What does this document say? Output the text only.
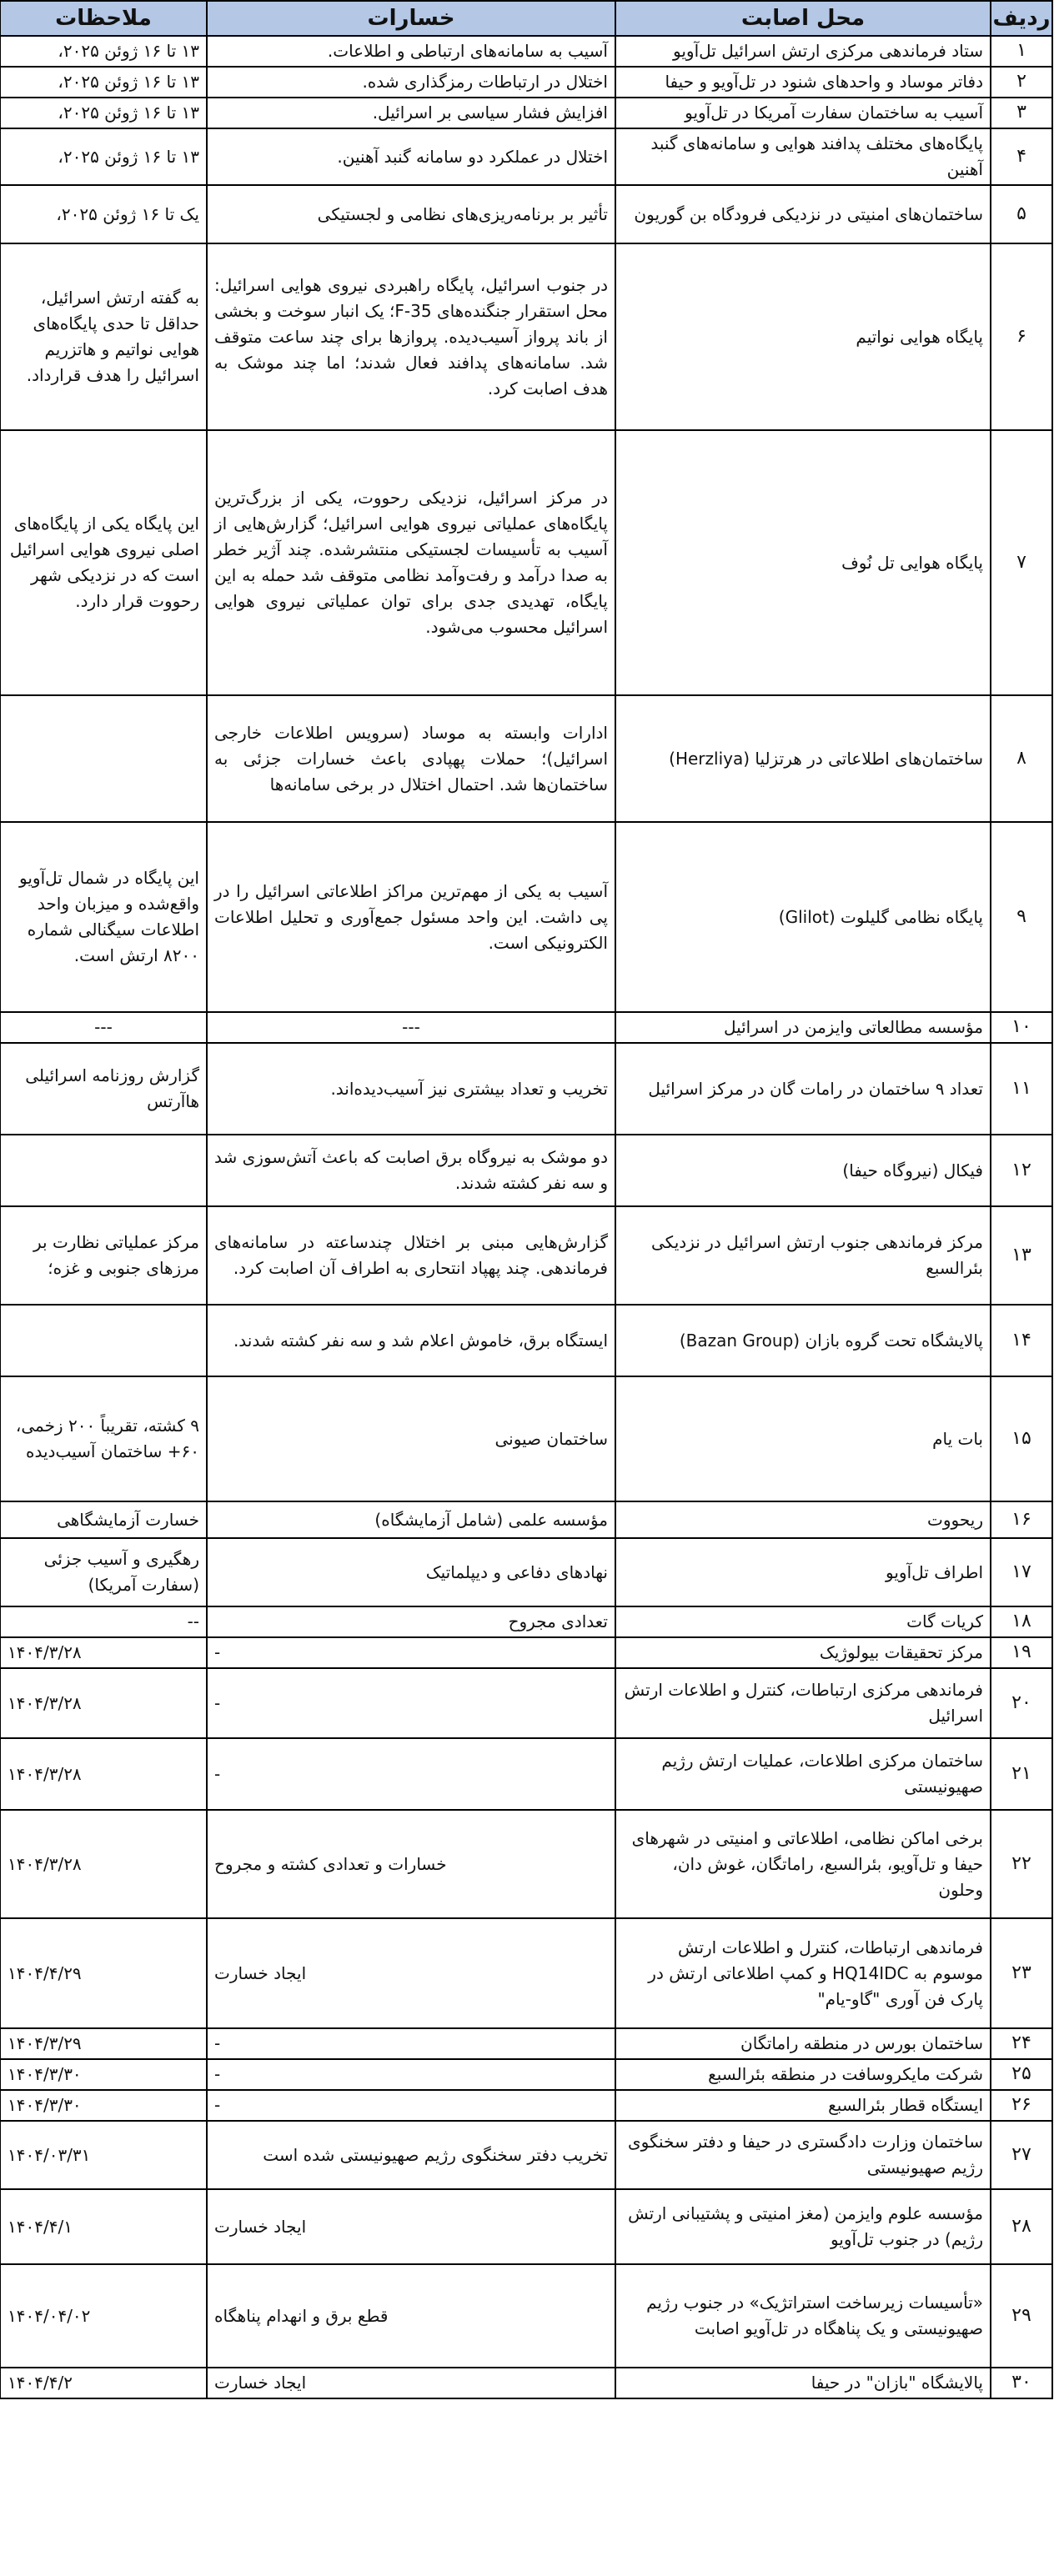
ردیف	محل اصابت	خسارات	ملاحظات
۱	ستاد فرماندهی مرکزی ارتش اسرائیل تل‌آویو	آسیب به سامانه‌های ارتباطی و اطلاعات.	۱۳ تا ۱۶ ژوئن ۲۰۲۵،
۲	دفاتر موساد و واحدهای شنود در تل‌آویو و حیفا	اختلال در ارتباطات رمزگذاری شده.	۱۳ تا ۱۶ ژوئن ۲۰۲۵،
۳	آسیب به ساختمان سفارت آمریکا در تل‌آویو	افزایش فشار سیاسی بر اسرائیل.	۱۳ تا ۱۶ ژوئن ۲۰۲۵،
۴	پایگاه‌های مختلف پدافند هوایی و سامانه‌های گنبد آهنین	اختلال در عملکرد دو سامانه گنبد آهنین.	۱۳ تا ۱۶ ژوئن ۲۰۲۵،
۵	ساختمان‌های امنیتی در نزدیکی فرودگاه بن گوریون	تأثیر بر برنامه‌ریزی‌های نظامی و لجستیکی	یک تا ۱۶ ژوئن ۲۰۲۵،
۶	پایگاه هوایی نواتیم	در جنوب اسرائیل، پایگاه راهبردی نیروی هوایی اسرائیل: محل استقرار جنگنده‌های F-35؛ یک انبار سوخت و بخشی از باند پرواز آسیب‌دیده. پروازها برای چند ساعت متوقف شد. سامانه‌های پدافند فعال شدند؛ اما چند موشک به هدف اصابت کرد.	به گفته ارتش اسرائیل، حداقل تا حدی پایگاه‌های هوایی نواتیم و هاتزریم اسرائیل را هدف قرارداد.
۷	پایگاه هوایی تل نُوف	در مرکز اسرائیل، نزدیکی رحووت، یکی از بزرگ‌ترین پایگاه‌های عملیاتی نیروی هوایی اسرائیل؛ گزارش‌هایی از آسیب به تأسیسات لجستیکی منتشرشده. چند آژیر خطر به صدا درآمد و رفت‌وآمد نظامی متوقف شد حمله به این پایگاه، تهدیدی جدی برای توان عملیاتی نیروی هوایی اسرائیل محسوب می‌شود.	این پایگاه یکی از پایگاه‌های اصلی نیروی هوایی اسرائیل است که در نزدیکی شهر رحووت قرار دارد.
۸	ساختمان‌های اطلاعاتی در هرتزلیا (Herzliya)	ادارات وابسته به موساد (سرویس اطلاعات خارجی اسرائیل)؛ حملات پهپادی باعث خسارات جزئی به ساختمان‌ها شد. احتمال اختلال در برخی سامانه‌ها	
۹	پایگاه نظامی گلیلوت (Glilot)	آسیب به یکی از مهم‌ترین مراکز اطلاعاتی اسرائیل را در پی داشت. این واحد مسئول جمع‌آوری و تحلیل اطلاعات الکترونیکی است.	این پایگاه در شمال تل‌آویو واقع‌شده و میزبان واحد اطلاعات سیگنالی شماره ۸۲۰۰ ارتش است.
۱۰	مؤسسه مطالعاتی وایزمن در اسرائیل	---	---
۱۱	تعداد ۹ ساختمان در رامات گان در مرکز اسرائیل	تخریب و تعداد بیشتری نیز آسیب‌دیده‌اند.	گزارش روزنامه اسرائیلی هاآرتس
۱۲	فیکال (نیروگاه حیفا)	دو موشک به نیروگاه برق اصابت که باعث آتش‌سوزی شد و سه نفر کشته شدند.	
۱۳	مرکز فرماندهی جنوب ارتش اسرائیل در نزدیکی بئرالسبع	گزارش‌هایی مبنی بر اختلال چندساعته در سامانه‌های فرماندهی. چند پهپاد انتحاری به اطراف آن اصابت کرد.	مرکز عملیاتی نظارت بر مرزهای جنوبی و غزه؛
۱۴	پالایشگاه تحت گروه بازان (Bazan Group)	ایستگاه برق، خاموش اعلام شد و سه نفر کشته شدند.	
۱۵	بات یام	ساختمان صیونی	۹ کشته، تقریباً ۲۰۰ زخمی، ۶۰+ ساختمان آسیب‌دیده
۱۶	ریحووت	مؤسسه علمی (شامل آزمایشگاه)	خسارت آزمایشگاهی
۱۷	اطراف تل‌آویو	نهادهای دفاعی و دیپلماتیک	رهگیری و آسیب جزئی (سفارت آمریکا)
۱۸	کریات گات	تعدادی مجروح	--
۱۹	مرکز تحقیقات بیولوژیک	-	۱۴۰۴/۳/۲۸
۲۰	فرماندهی مرکزی ارتباطات، کنترل و اطلاعات ارتش اسرائیل	-	۱۴۰۴/۳/۲۸
۲۱	ساختمان مرکزی اطلاعات، عملیات ارتش رژیم صهیونیستی	-	۱۴۰۴/۳/۲۸
۲۲	برخی اماکن نظامی، اطلاعاتی و امنیتی در شهرهای حیفا و تل‌آویو، بئرالسبع، راماتگان، غوش دان، وحلون	خسارات و تعدادی کشته و مجروح	۱۴۰۴/۳/۲۸
۲۳	فرماندهی ارتباطات، کنترل و اطلاعات ارتش موسوم به HQ14IDC و کمپ اطلاعاتی ارتش در پارک فن آوری "گاو-یام"	ایجاد خسارت	۱۴۰۴/۴/۲۹
۲۴	ساختمان بورس در منطقه راماتگان	-	۱۴۰۴/۳/۲۹
۲۵	شرکت مایکروسافت در منطقه بئرالسبع	-	۱۴۰۴/۳/۳۰
۲۶	ایستگاه قطار بئرالسبع	-	۱۴۰۴/۳/۳۰
۲۷	ساختمان وزارت دادگستری در حیفا و دفتر سخنگوی رژیم صهیونیستی	تخریب دفتر سخنگوی رژیم صهیونیستی شده است	۱۴۰۴/۰۳/۳۱
۲۸	مؤسسه علوم وایزمن (مغز امنیتی و پشتیبانی ارتش رژیم) در جنوب تل‌آویو	ایجاد خسارت	۱۴۰۴/۴/۱
۲۹	«تأسیسات زیرساخت استراتژیک» در جنوب رژیم صهیونیستی و یک پناهگاه در تل‌آویو اصابت	قطع برق و انهدام پناهگاه	۱۴۰۴/۰۴/۰۲
۳۰	پالایشگاه "بازان" در حیفا	ایجاد خسارت	۱۴۰۴/۴/۲
